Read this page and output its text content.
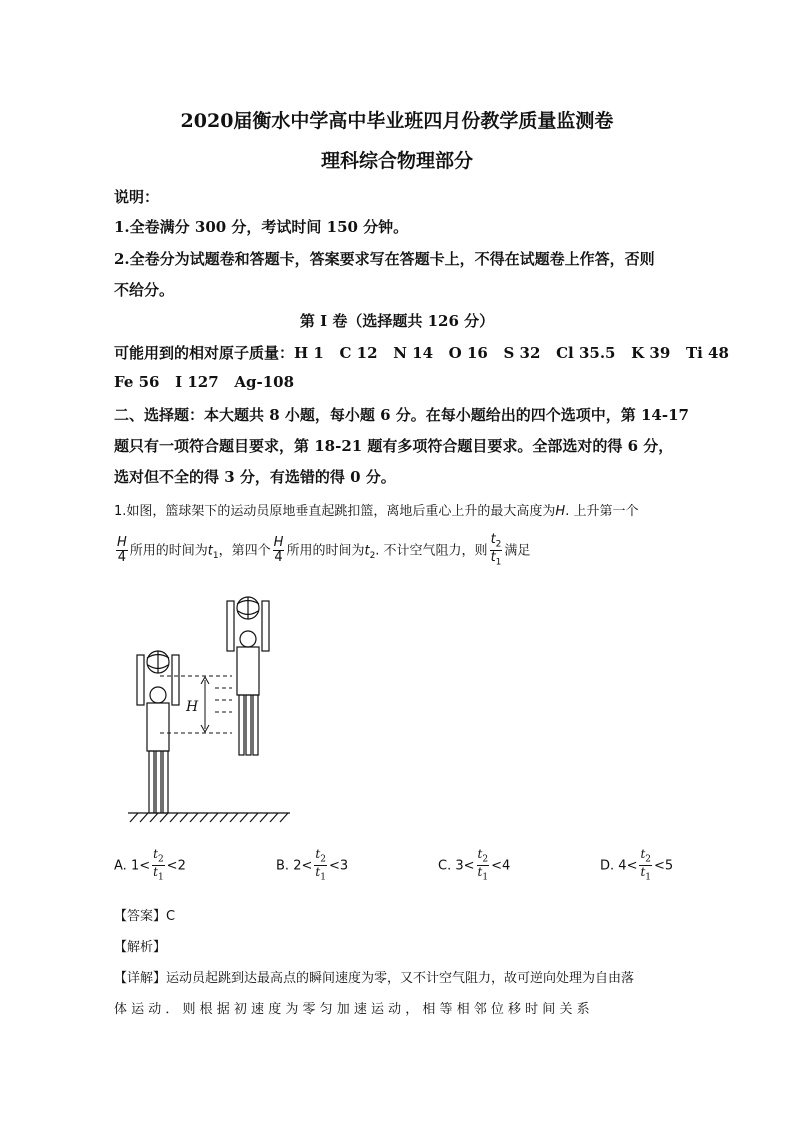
2020届衡水中学高中毕业班四月份教学质量监测卷
理科综合物理部分
说明：
1.全卷满分 300 分，考试时间 150 分钟。
2.全卷分为试题卷和答题卡，答案要求写在答题卡上，不得在试题卷上作答，否则
不给分。
第 I 卷（选择题共 126 分）
可能用到的相对原子质量：H 1   C 12   N 14   O 16   S 32   Cl 35.5   K 39   Ti 48
Fe 56   I 127   Ag-108
二、选择题：本大题共 8 小题，每小题 6 分。在每小题给出的四个选项中，第 14-17
题只有一项符合题目要求，第 18-21 题有多项符合题目要求。全部选对的得 6 分，
选对但不全的得 3 分，有选错的得 0 分。
1.如图，篮球架下的运动员原地垂直起跳扣篮，离地后重心上升的最大高度为H. 上升第一个
$\frac{H}{4}$ 所用的时间为$t_1$，第四个 $\frac{H}{4}$ 所用的时间为$t_2$. 不计空气阻力，则 $\frac{t_2}{t_1}$ 满足
H
A. $1< \frac{t_2}{t_1} <2$	B. $2< \frac{t_2}{t_1} <3$	C. $3< \frac{t_2}{t_1} <4$	D. $4< \frac{t_2}{t_1} <5$
【答案】C
【解析】
【详解】运动员起跳到达最高点的瞬间速度为零，又不计空气阻力，故可逆向处理为自由落
体 运 动 ． 则 根 据 初 速 度 为 零 匀 加 速 运 动 ， 相 等 相 邻 位 移 时 间 关 系
